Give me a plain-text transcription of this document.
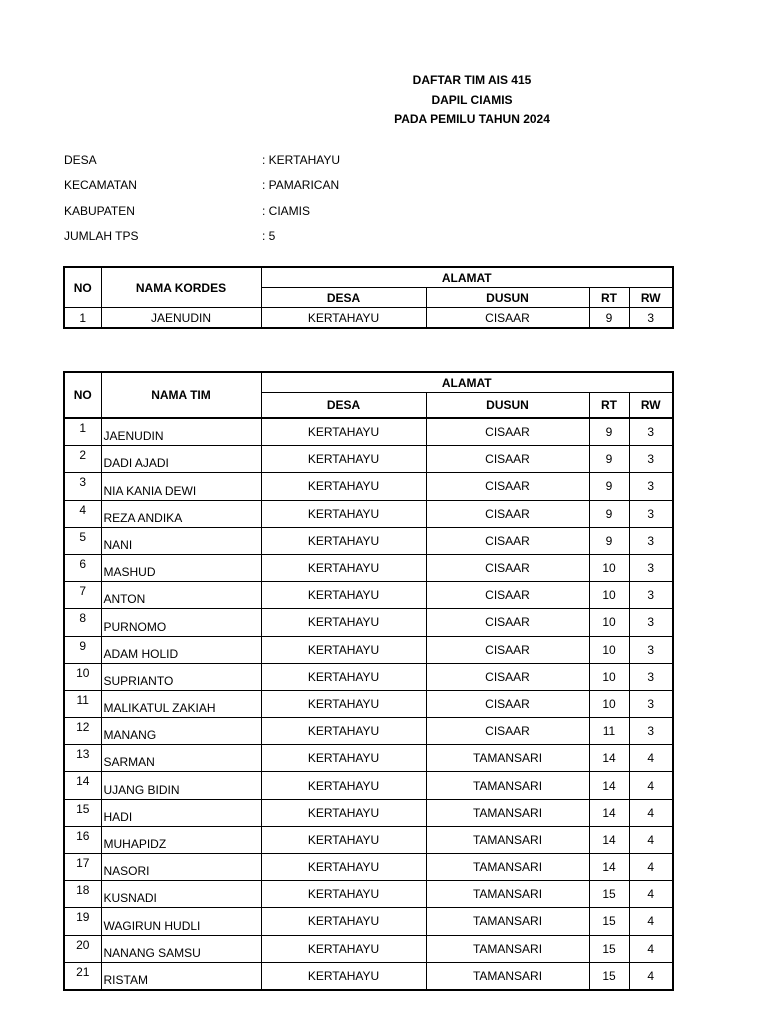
DAFTAR TIM AIS 415
DAPIL CIAMIS
PADA PEMILU TAHUN 2024
DESA	: KERTAHAYU
KECAMATAN	: PAMARICAN
KABUPATEN	: CIAMIS
JUMLAH TPS	: 5
NO	NAMA KORDES	ALAMAT			
		DESA	DUSUN	RT	RW
1	JAENUDIN	KERTAHAYU	CISAAR	9	3
NO	NAMA TIM	ALAMAT			
		DESA	DUSUN	RT	RW
1	JAENUDIN	KERTAHAYU	CISAAR	9	3
2	DADI AJADI	KERTAHAYU	CISAAR	9	3
3	NIA KANIA DEWI	KERTAHAYU	CISAAR	9	3
4	REZA ANDIKA	KERTAHAYU	CISAAR	9	3
5	NANI	KERTAHAYU	CISAAR	9	3
6	MASHUD	KERTAHAYU	CISAAR	10	3
7	ANTON	KERTAHAYU	CISAAR	10	3
8	PURNOMO	KERTAHAYU	CISAAR	10	3
9	ADAM HOLID	KERTAHAYU	CISAAR	10	3
10	SUPRIANTO	KERTAHAYU	CISAAR	10	3
11	MALIKATUL ZAKIAH	KERTAHAYU	CISAAR	10	3
12	MANANG	KERTAHAYU	CISAAR	11	3
13	SARMAN	KERTAHAYU	TAMANSARI	14	4
14	UJANG BIDIN	KERTAHAYU	TAMANSARI	14	4
15	HADI	KERTAHAYU	TAMANSARI	14	4
16	MUHAPIDZ	KERTAHAYU	TAMANSARI	14	4
17	NASORI	KERTAHAYU	TAMANSARI	14	4
18	KUSNADI	KERTAHAYU	TAMANSARI	15	4
19	WAGIRUN HUDLI	KERTAHAYU	TAMANSARI	15	4
20	NANANG SAMSU	KERTAHAYU	TAMANSARI	15	4
21	RISTAM	KERTAHAYU	TAMANSARI	15	4
